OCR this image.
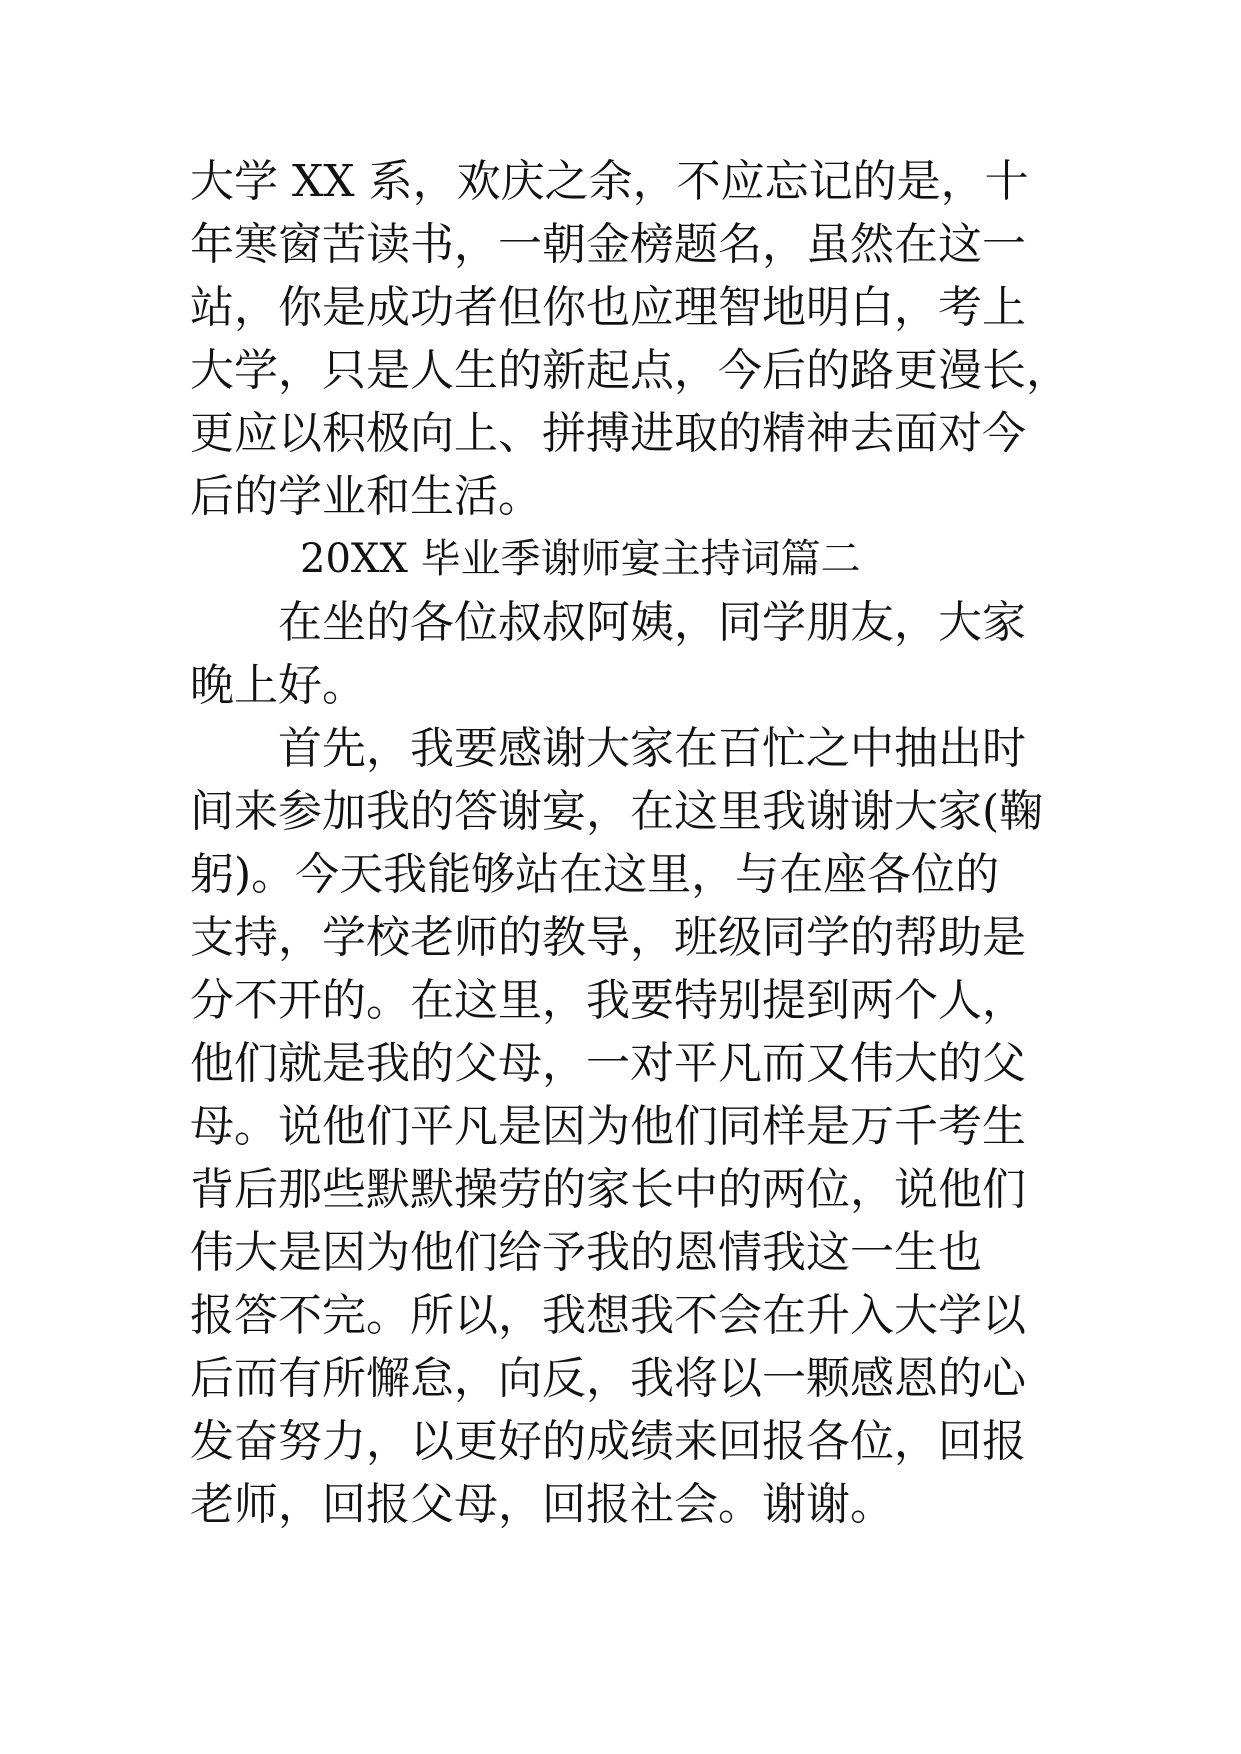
大学 XX 系，欢庆之余，不应忘记的是，十
年寒窗苦读书，一朝金榜题名，虽然在这一
站，你是成功者但你也应理智地明白，考上
大学，只是人生的新起点，今后的路更漫长，
更应以积极向上、拼搏进取的精神去面对今
后的学业和生活。
20XX 毕业季谢师宴主持词篇二
在坐的各位叔叔阿姨，同学朋友，大家
晚上好。
首先，我要感谢大家在百忙之中抽出时
间来参加我的答谢宴，在这里我谢谢大家(鞠
躬)。今天我能够站在这里，与在座各位的
支持，学校老师的教导，班级同学的帮助是
分不开的。在这里，我要特别提到两个人，
他们就是我的父母，一对平凡而又伟大的父
母。说他们平凡是因为他们同样是万千考生
背后那些默默操劳的家长中的两位，说他们
伟大是因为他们给予我的恩情我这一生也
报答不完。所以，我想我不会在升入大学以
后而有所懈怠，向反，我将以一颗感恩的心
发奋努力，以更好的成绩来回报各位，回报
老师，回报父母，回报社会。谢谢。
